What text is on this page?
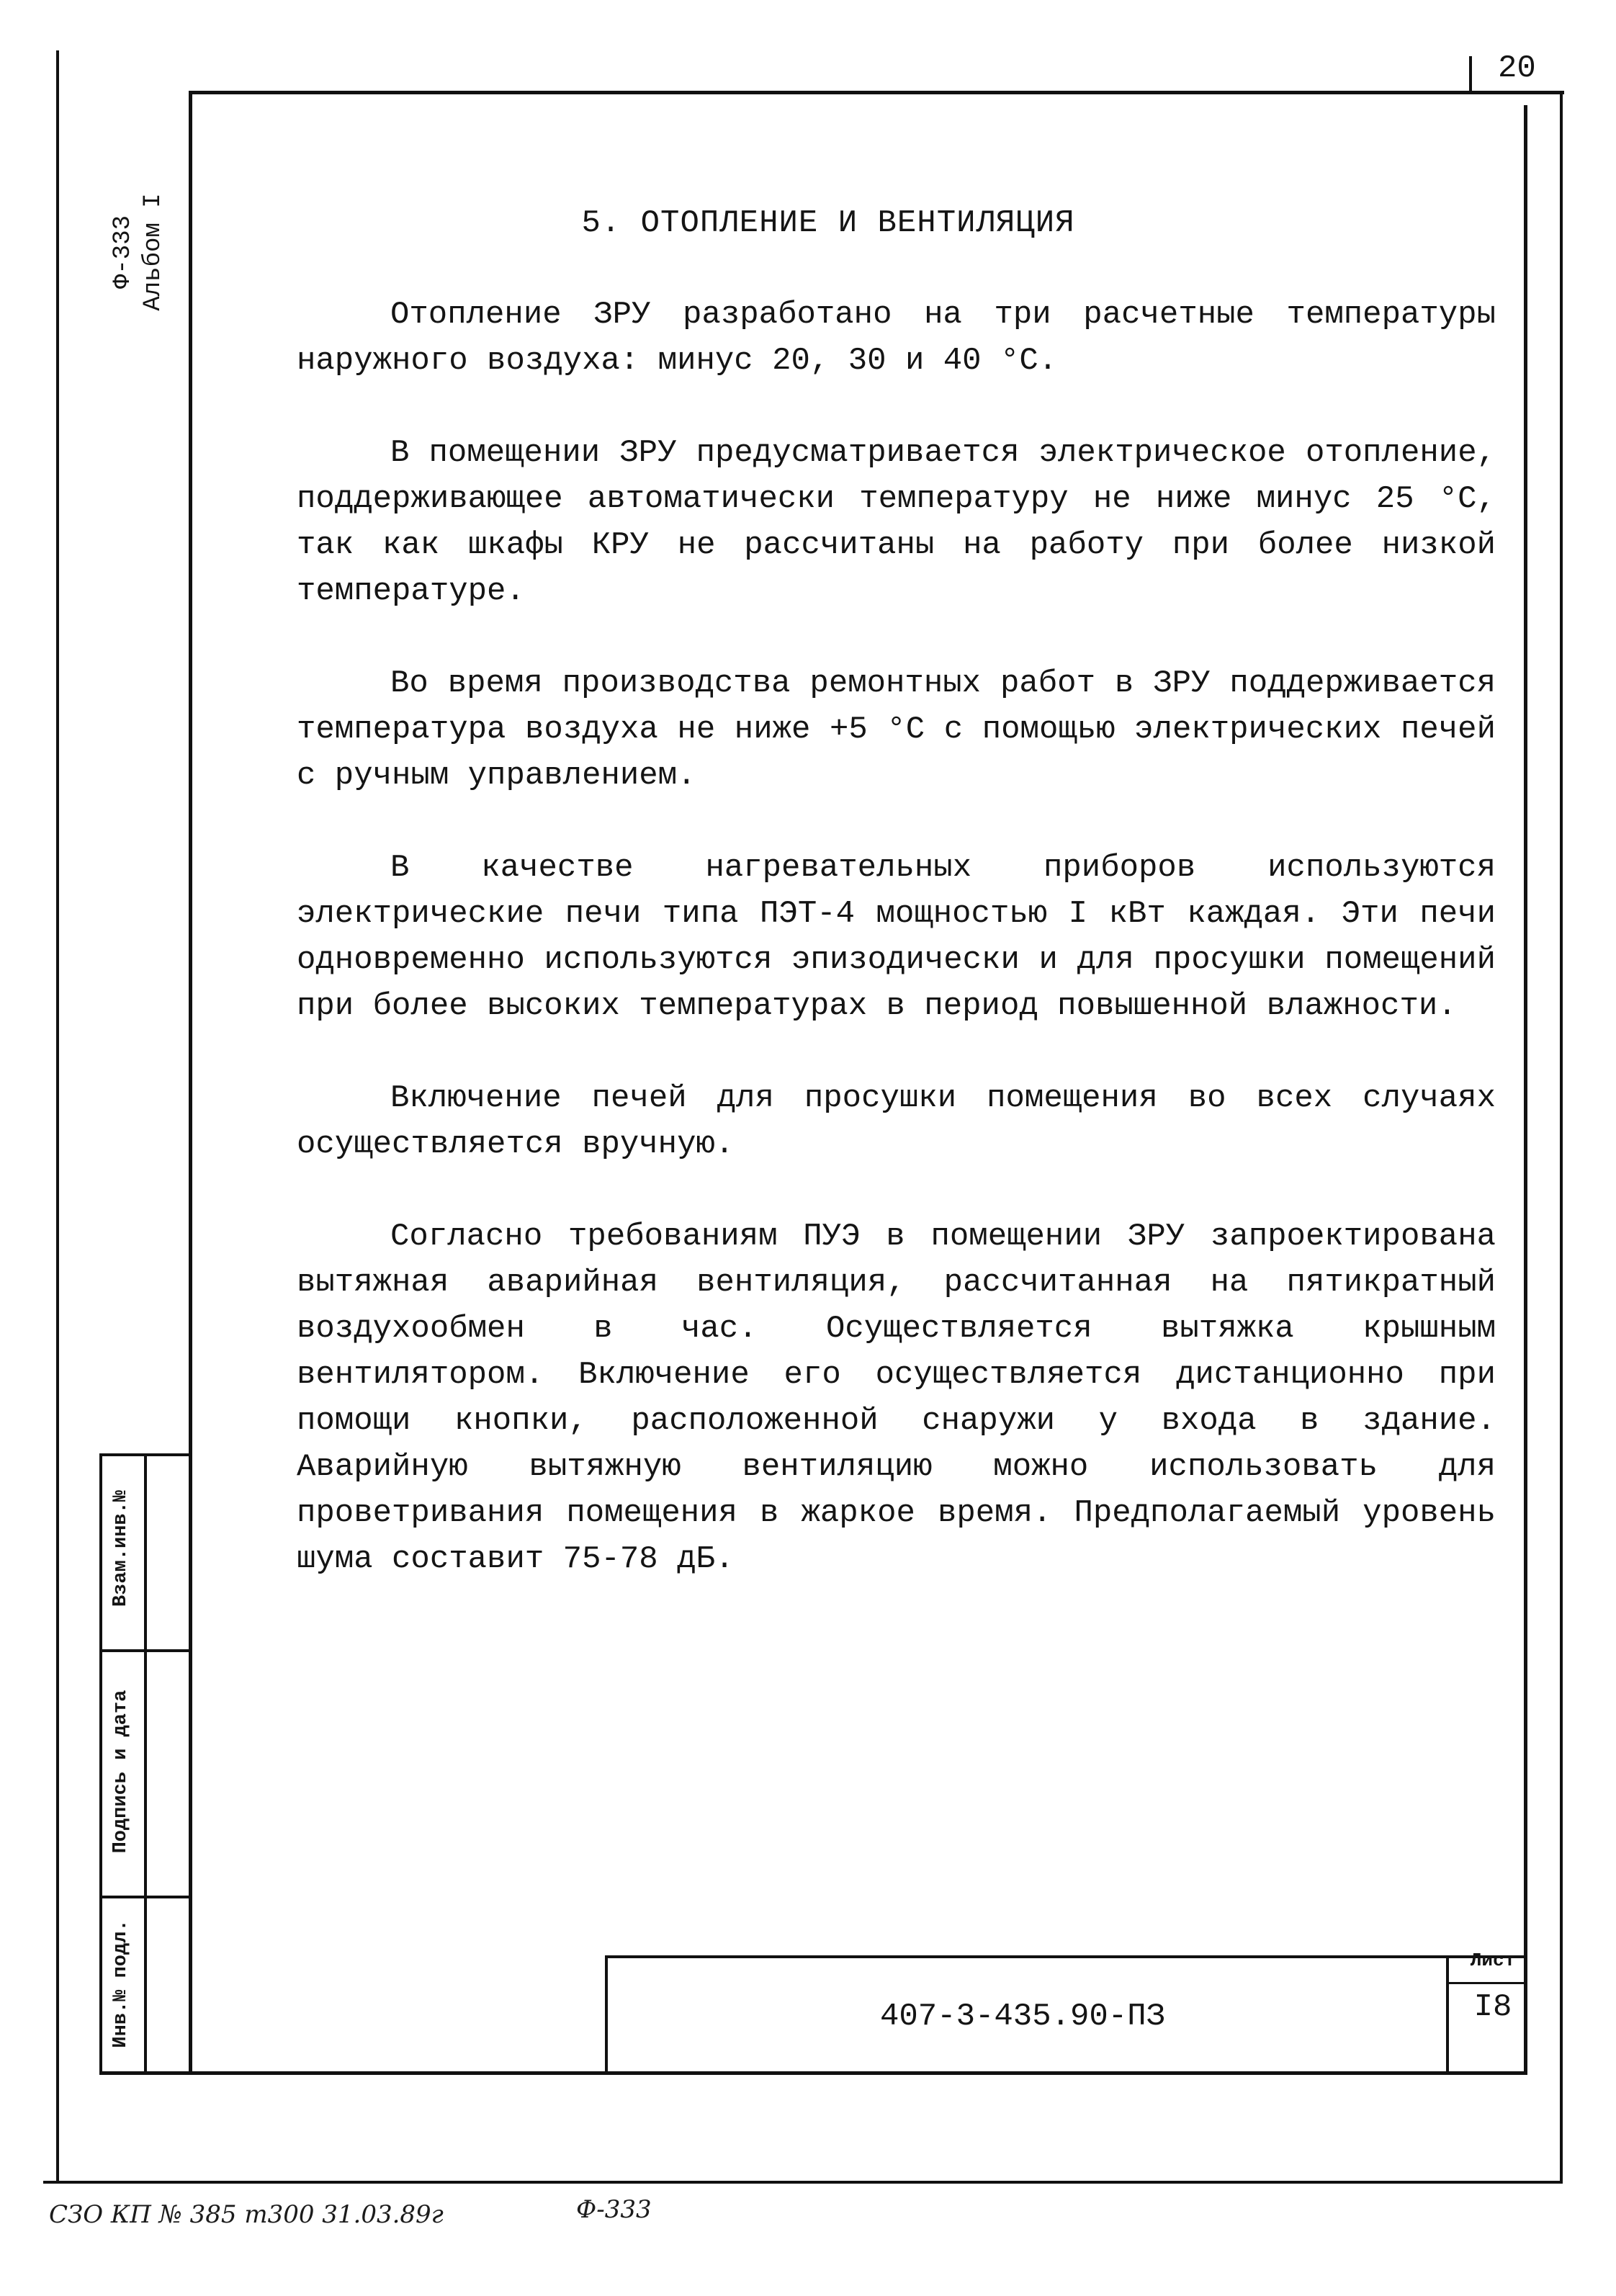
20
Ф-333 Альбом I	5. ОТОПЛЕНИЕ И ВЕНТИЛЯЦИЯ

Отопление ЗРУ разработано на три расчетные температуры наружного воздуха: минус 20, 30 и 40 °С.

В помещении ЗРУ предусматривается электрическое отопление, поддерживающее автоматически температуру не ниже минус 25 °С, так как шкафы КРУ не рассчитаны на работу при более низкой температуре.

Во время производства ремонтных работ в ЗРУ поддерживается температура воздуха не ниже +5 °С с помощью электрических печей с ручным управлением.

В качестве нагревательных приборов используются электрические печи типа ПЭТ-4 мощностью I кВт каждая. Эти печи одновременно используются эпизодически и для просушки помещений при более высоких температурах в период повышенной влажности.

Включение печей для просушки помещения во всех случаях осуществляется вручную.

Согласно требованиям ПУЭ в помещении ЗРУ запроектирована вытяжная аварийная вентиляция, рассчитанная на пятикратный воздухообмен в час. Осуществляется вытяжка крышным вентилятором. Включение его осуществляется дистанционно при помощи кнопки, расположенной снаружи у входа в здание. Аварийную вытяжную вентиляцию можно использовать для проветривания помещения в жаркое время. Предполагаемый уровень шума составит 75-78 дБ.

Взам.инв.№
Подпись и дата
Инв.№ подл.	407-3-435.90-ПЗ
Лист
I8
СЗО КП № 385 т300 31.03.89г	Ф-333
